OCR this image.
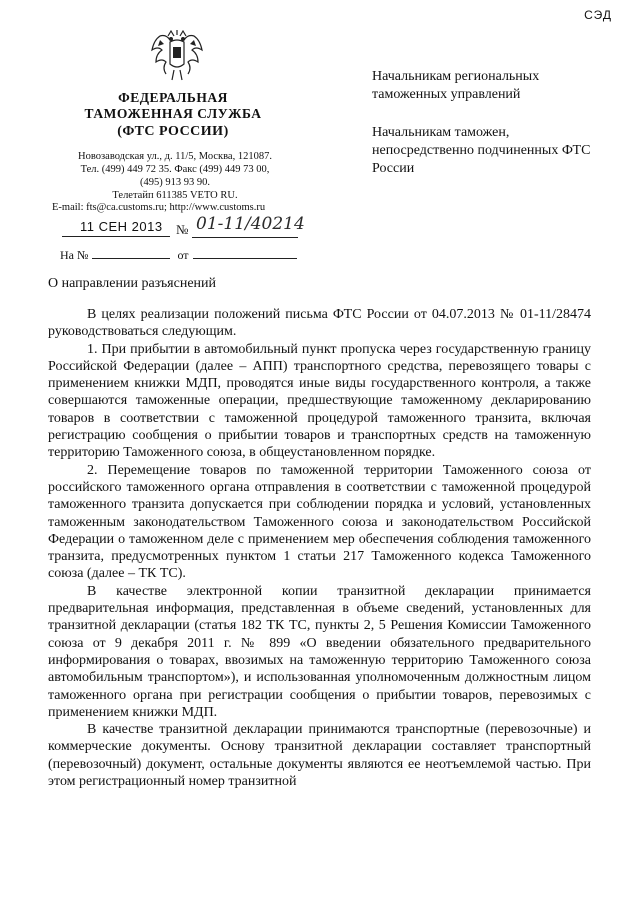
СЭД
ФЕДЕРАЛЬНАЯ
ТАМОЖЕННАЯ СЛУЖБА
(ФТС РОССИИ)
Новозаводская ул., д. 11/5, Москва, 121087.
Тел. (499) 449 72 35. Факс (499) 449 73 00,
(495) 913 93 90.
Телетайп 611385 VETO RU.
E-mail: fts@ca.customs.ru; http://www.customs.ru
11 СЕН 2013 № 01-11/40214
На №	от
Начальникам региональных таможенных управлений
Начальникам таможен, непосредственно подчиненных ФТС России
О направлении разъяснений

В целях реализации положений письма ФТС России от 04.07.2013 № 01-11/28474 руководствоваться следующим.

1. При прибытии в автомобильный пункт пропуска через государственную границу Российской Федерации (далее – АПП) транспортного средства, перевозящего товары с применением книжки МДП, проводятся иные виды государственного контроля, а также совершаются таможенные операции, предшествующие таможенному декларированию товаров в соответствии с таможенной процедурой таможенного транзита, включая регистрацию сообщения о прибытии товаров и транспортных средств на таможенную территорию Таможенного союза, в общеустановленном порядке.

2. Перемещение товаров по таможенной территории Таможенного союза от российского таможенного органа отправления в соответствии с таможенной процедурой таможенного транзита допускается при соблюдении порядка и условий, установленных таможенным законодательством Таможенного союза и законодательством Российской Федерации о таможенном деле с применением мер обеспечения соблюдения таможенного транзита, предусмотренных пунктом 1 статьи 217 Таможенного кодекса Таможенного союза (далее – ТК ТС).

В качестве электронной копии транзитной декларации принимается предварительная информация, представленная в объеме сведений, установленных для транзитной декларации (статья 182 ТК ТС, пункты 2, 5 Решения Комиссии Таможенного союза от 9 декабря 2011 г. № 899 «О введении обязательного предварительного информирования о товарах, ввозимых на таможенную территорию Таможенного союза автомобильным транспортом»), и использованная уполномоченным должностным лицом таможенного органа при регистрации сообщения о прибытии товаров, перевозимых с применением книжки МДП.

В качестве транзитной декларации принимаются транспортные (перевозочные) и коммерческие документы. Основу транзитной декларации составляет транспортный (перевозочный) документ, остальные документы являются ее неотъемлемой частью. При этом регистрационный номер транзитной
